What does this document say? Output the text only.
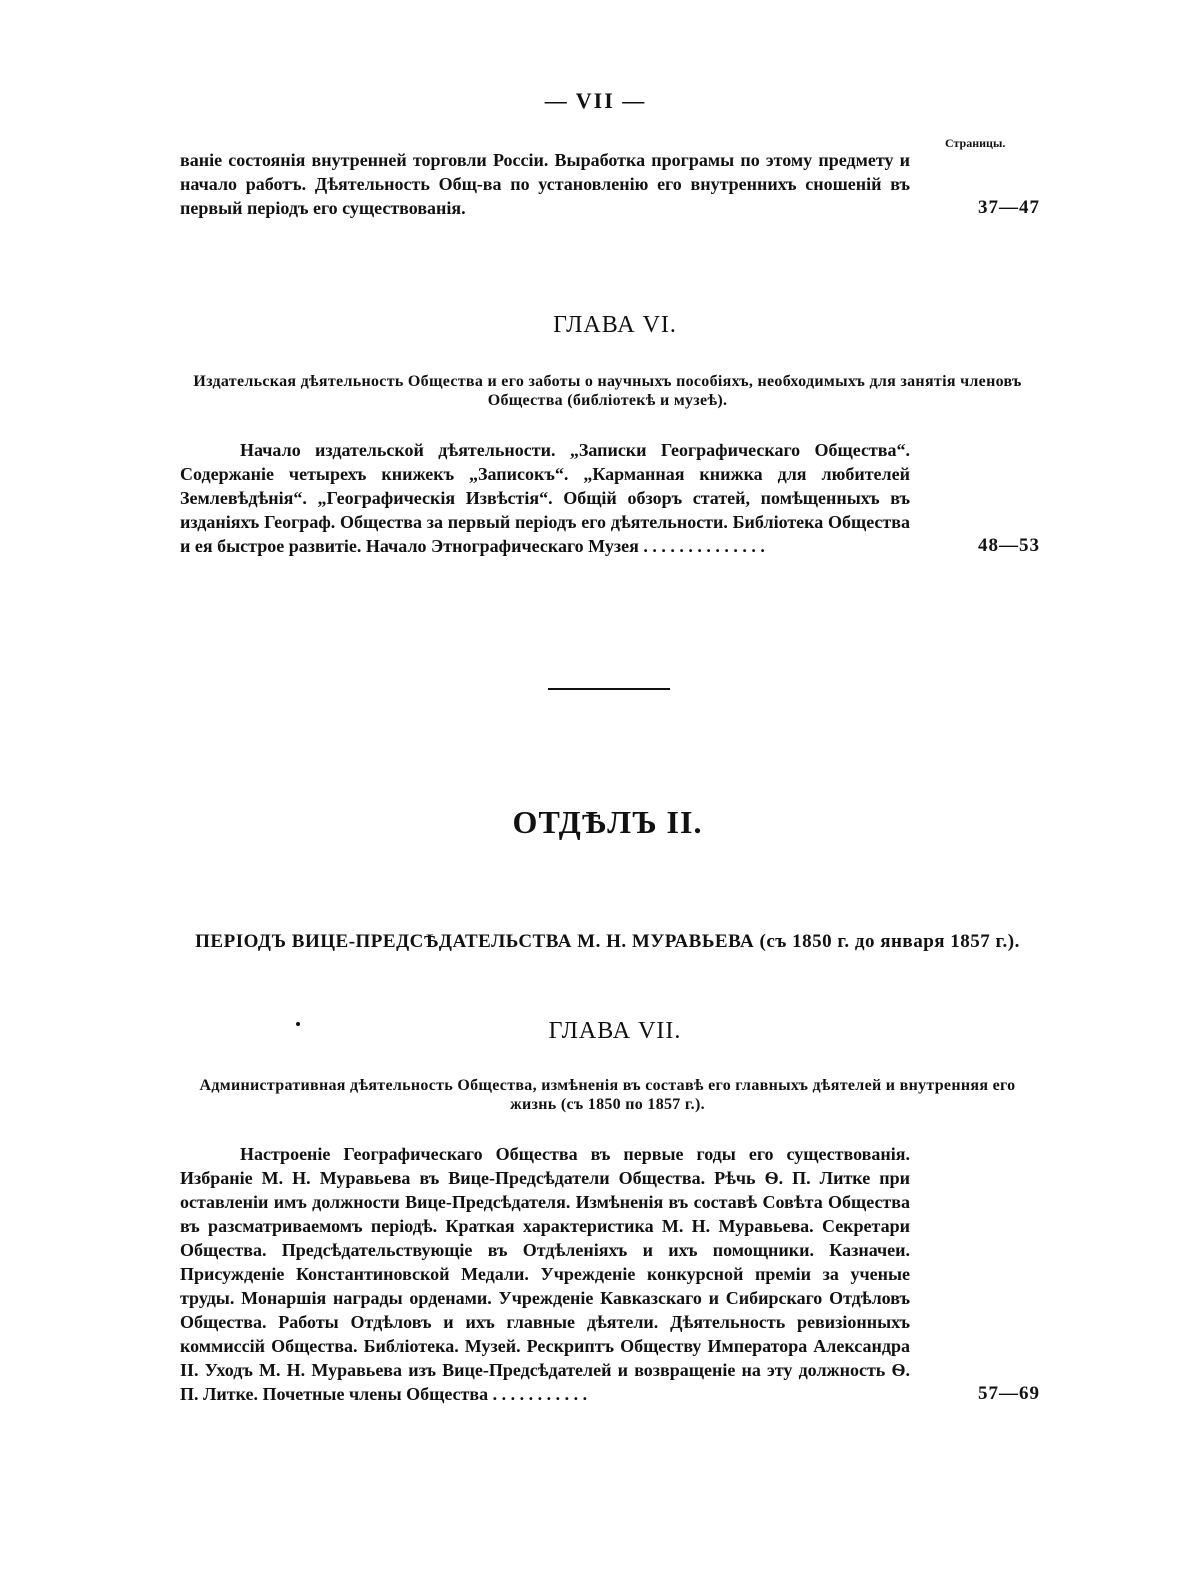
— VII —
Страницы.
ваніе состоянія внутренней торговли Россіи. Выработка програмы по этому предмету и начало работъ. Дѣятельность Общ-ва по установленію его внутреннихъ сношеній въ первый періодъ его существованія.	37—47
ГЛАВА VI.
Издательская дѣятельность Общества и его заботы о научныхъ пособіяхъ, необходимыхъ для занятія членовъ Общества (библіотекѣ и музеѣ).
Начало издательской дѣятельности. „Записки Географическаго Общества“. Содержаніе четырехъ книжекъ „Записокъ“. „Карманная книжка для любителей Землевѣдѣнія“. „Географическія Извѣстія“. Общій обзоръ статей, помѣщенныхъ въ изданіяхъ Географ. Общества за первый періодъ его дѣятельности. Библіотека Общества и ея быстрое развитіе. Начало Этнографическаго Музея . . . . . . . . . . . . . .	48—53
ОТДѢЛЪ II.
ПЕРІОДЪ ВИЦЕ-ПРЕДСѢДАТЕЛЬСТВА М. Н. МУРАВЬЕВА (съ 1850 г. до января 1857 г.).
ГЛАВА VII.
Административная дѣятельность Общества, измѣненія въ составѣ его главныхъ дѣятелей и внутренняя его жизнь (съ 1850 по 1857 г.).
Настроеніе Географическаго Общества въ первые годы его существованія. Избраніе М. Н. Муравьева въ Вице-Предсѣдатели Общества. Рѣчь Ѳ. П. Литке при оставленіи имъ должности Вице-Предсѣдателя. Измѣненія въ составѣ Совѣта Общества въ разсматриваемомъ періодѣ. Краткая характеристика М. Н. Муравьева. Секретари Общества. Предсѣдательствующіе въ Отдѣленіяхъ и ихъ помощники. Казначеи. Присужденіе Константиновской Медали. Учрежденіе конкурсной преміи за ученые труды. Монаршія награды орденами. Учрежденіе Кавказскаго и Сибирскаго Отдѣловъ Общества. Работы Отдѣловъ и ихъ главные дѣятели. Дѣятельность ревизіонныхъ коммиссій Общества. Библіотека. Музей. Рескриптъ Обществу Императора Александра II. Уходъ М. Н. Муравьева изъ Вице-Предсѣдателей и возвращеніе на эту должность Ѳ. П. Литке. Почетные члены Общества . . . . . . . . . . .	57—69
